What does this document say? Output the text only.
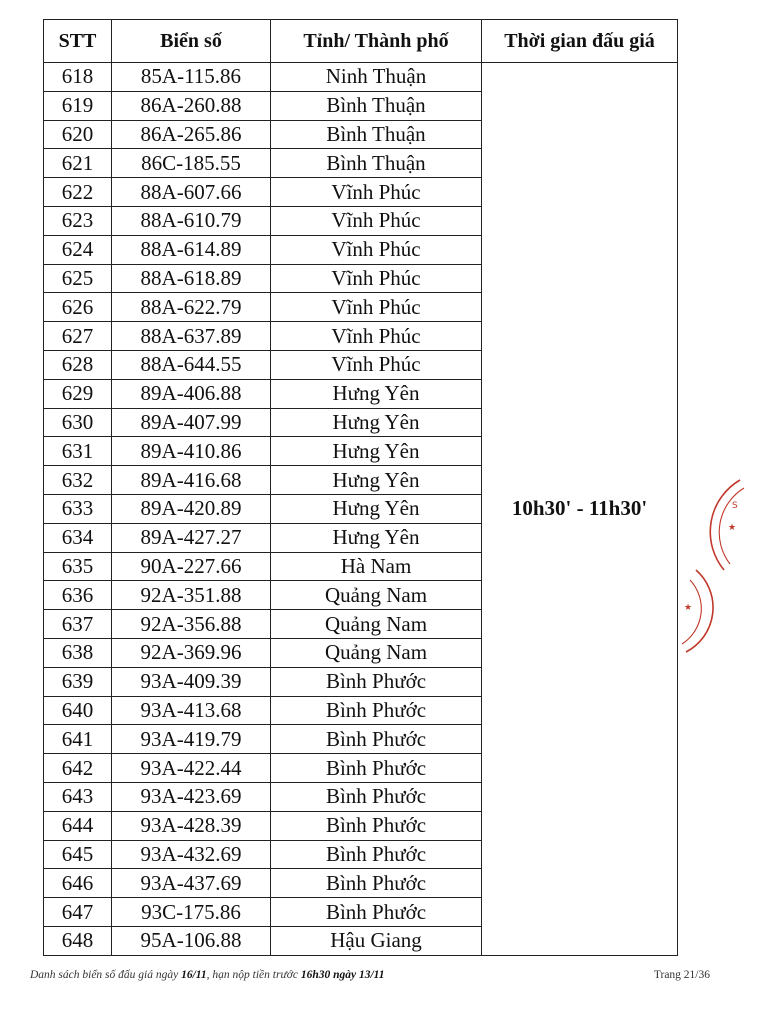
STT	Biển số	Tỉnh/ Thành phố	Thời gian đấu giá
618	85A-115.86	Ninh Thuận	10h30' - 11h30'
619	86A-260.88	Bình Thuận	
620	86A-265.86	Bình Thuận	
621	86C-185.55	Bình Thuận	
622	88A-607.66	Vĩnh Phúc	
623	88A-610.79	Vĩnh Phúc	
624	88A-614.89	Vĩnh Phúc	
625	88A-618.89	Vĩnh Phúc	
626	88A-622.79	Vĩnh Phúc	
627	88A-637.89	Vĩnh Phúc	
628	88A-644.55	Vĩnh Phúc	
629	89A-406.88	Hưng Yên	
630	89A-407.99	Hưng Yên	
631	89A-410.86	Hưng Yên	
632	89A-416.68	Hưng Yên	
633	89A-420.89	Hưng Yên	
634	89A-427.27	Hưng Yên	
635	90A-227.66	Hà Nam	
636	92A-351.88	Quảng Nam	
637	92A-356.88	Quảng Nam	
638	92A-369.96	Quảng Nam	
639	93A-409.39	Bình Phước	
640	93A-413.68	Bình Phước	
641	93A-419.79	Bình Phước	
642	93A-422.44	Bình Phước	
643	93A-423.69	Bình Phước	
644	93A-428.39	Bình Phước	
645	93A-432.69	Bình Phước	
646	93A-437.69	Bình Phước	
647	93C-175.86	Bình Phước	
648	95A-106.88	Hậu Giang	
S
★
★
Danh sách biển số đấu giá ngày 16/11, hạn nộp tiền trước 16h30 ngày 13/11	Trang 21/36
